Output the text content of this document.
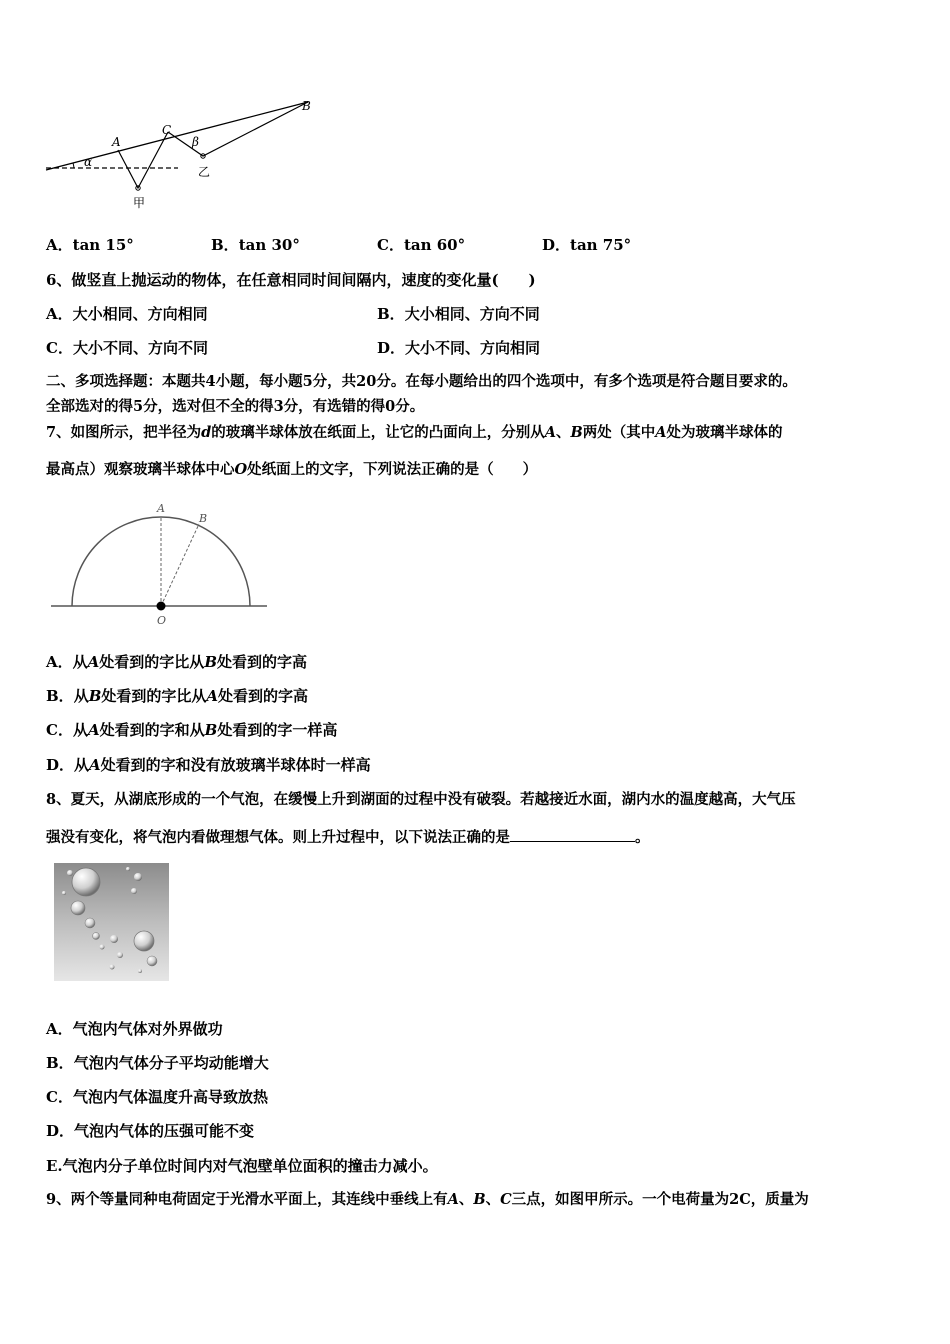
A
B
C
α
β
甲
乙
A．tan 15°	B．tan 30°	C．tan 60°	D．tan 75°
6、做竖直上抛运动的物体，在任意相同时间间隔内，速度的变化量(　　)
A．大小相同、方向相同	B．大小相同、方向不同
C．大小不同、方向不同	D．大小不同、方向相同
二、多项选择题：本题共4小题，每小题5分，共20分。在每小题给出的四个选项中，有多个选项是符合题目要求的。
全部选对的得5分，选对但不全的得3分，有选错的得0分。
7、如图所示，把半径为d的玻璃半球体放在纸面上，让它的凸面向上，分别从A、B两处（其中A处为玻璃半球体的
最高点）观察玻璃半球体中心O处纸面上的文字，下列说法正确的是（　　）
A
B
O
A．从A处看到的字比从B处看到的字高
B．从B处看到的字比从A处看到的字高
C．从A处看到的字和从B处看到的字一样高
D．从A处看到的字和没有放玻璃半球体时一样高
8、夏天，从湖底形成的一个气泡，在缓慢上升到湖面的过程中没有破裂。若越接近水面，湖内水的温度越高，大气压
强没有变化，将气泡内看做理想气体。则上升过程中，以下说法正确的是	。
A．气泡内气体对外界做功
B．气泡内气体分子平均动能增大
C．气泡内气体温度升高导致放热
D．气泡内气体的压强可能不变
E.气泡内分子单位时间内对气泡壁单位面积的撞击力减小。
9、两个等量同种电荷固定于光滑水平面上，其连线中垂线上有A、B、C三点，如图甲所示。一个电荷量为2C，质量为
